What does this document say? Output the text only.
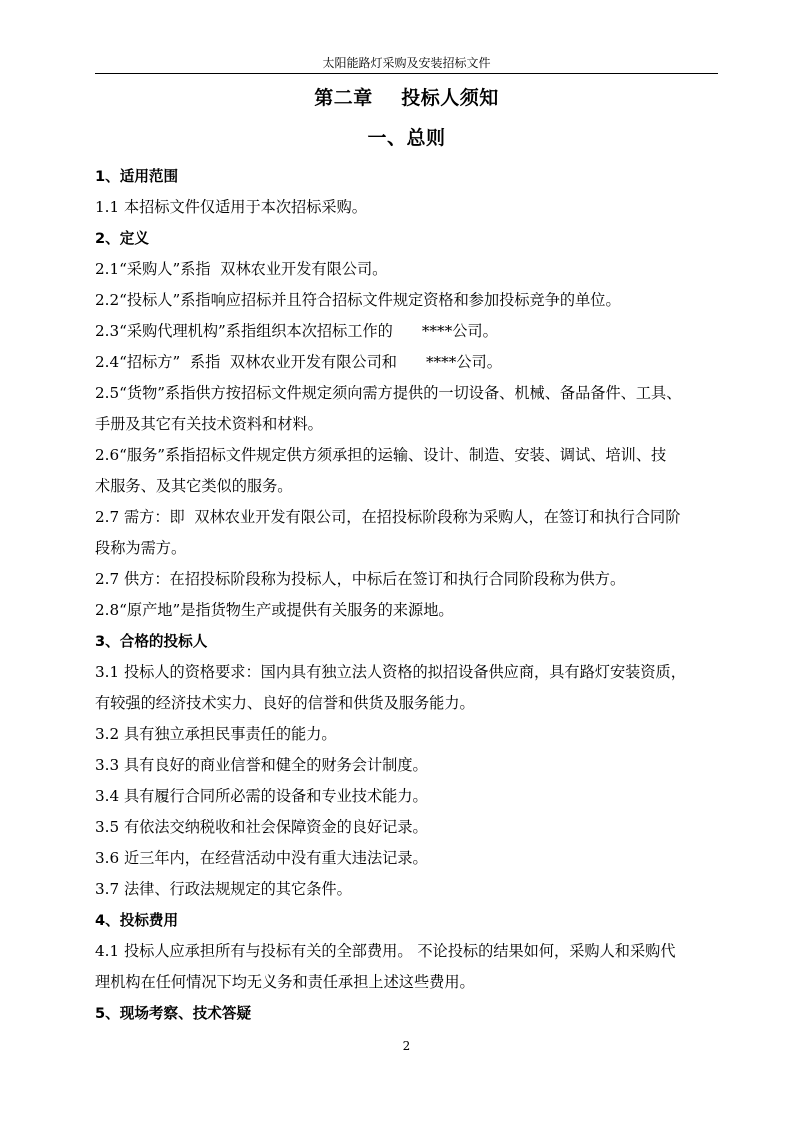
太阳能路灯采购及安装招标文件
第二章    投标人须知
一、总则
1、适用范围
1.1 本招标文件仅适用于本次招标采购。
2、定义
2.1“采购人”系指  双林农业开发有限公司。
2.2“投标人”系指响应招标并且符合招标文件规定资格和参加投标竞争的单位。
2.3“采购代理机构”系指组织本次招标工作的      ****公司。
2.4“招标方”  系指  双林农业开发有限公司和      ****公司。
2.5“货物”系指供方按招标文件规定须向需方提供的一切设备、机械、备品备件、工具、
手册及其它有关技术资料和材料。
2.6“服务”系指招标文件规定供方须承担的运输、设计、制造、安装、调试、培训、技
术服务、及其它类似的服务。
2.7 需方：即  双林农业开发有限公司，在招投标阶段称为采购人，在签订和执行合同阶
段称为需方。
2.7 供方：在招投标阶段称为投标人，中标后在签订和执行合同阶段称为供方。
2.8“原产地”是指货物生产或提供有关服务的来源地。
3、合格的投标人
3.1 投标人的资格要求：国内具有独立法人资格的拟招设备供应商，具有路灯安装资质，
有较强的经济技术实力、良好的信誉和供货及服务能力。
3.2 具有独立承担民事责任的能力。
3.3 具有良好的商业信誉和健全的财务会计制度。
3.4 具有履行合同所必需的设备和专业技术能力。
3.5 有依法交纳税收和社会保障资金的良好记录。
3.6 近三年内，在经营活动中没有重大违法记录。
3.7 法律、行政法规规定的其它条件。
4、投标费用
4.1 投标人应承担所有与投标有关的全部费用。 不论投标的结果如何，采购人和采购代
理机构在任何情况下均无义务和责任承担上述这些费用。
5、现场考察、技术答疑
2
